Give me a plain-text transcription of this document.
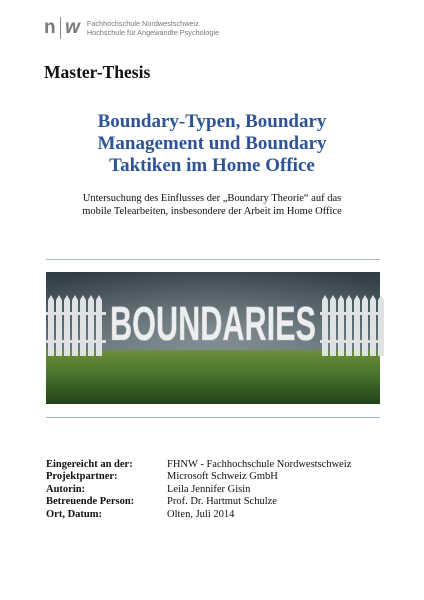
n w Fachhochschule Nordwestschweiz
Hochschule für Angewandte Psychologie
Master-Thesis
Boundary-Typen, Boundary
Management und Boundary
Taktiken im Home Office
Untersuchung des Einflusses der „Boundary Theorie“ auf das
mobile Telearbeiten, insbesondere der Arbeit im Home Office
BOUNDARIES
Eingereicht an der:	FHNW - Fachhochschule Nordwestschweiz
Projektpartner:	Microsoft Schweiz GmbH
Autorin:	Leila Jennifer Gisin
Betreuende Person:	Prof. Dr. Hartmut Schulze
Ort, Datum:	Olten, Juli 2014
